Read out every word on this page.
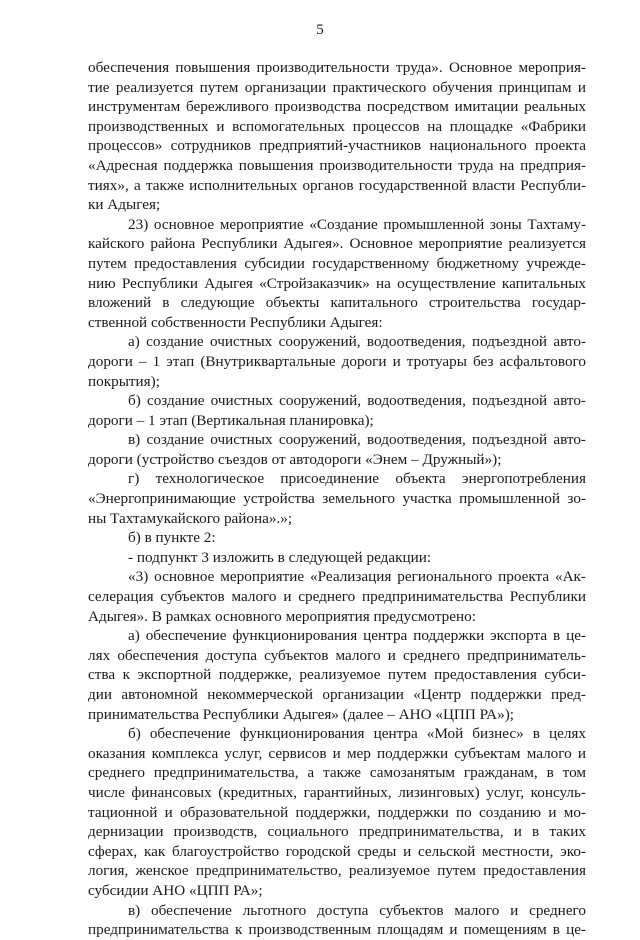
5
обеспечения повышения производительности труда». Основное мероприя-
тие реализуется путем организации практического обучения принципам и
инструментам бережливого производства посредством имитации реальных
производственных и вспомогательных процессов на площадке «Фабрики
процессов» сотрудников предприятий-участников национального проекта
«Адресная поддержка повышения производительности труда на предприя-
тиях», а также исполнительных органов государственной власти Республи-
ки Адыгея;
23) основное мероприятие «Создание промышленной зоны Тахтаму-
кайского района Республики Адыгея». Основное мероприятие реализуется
путем предоставления субсидии государственному бюджетному учрежде-
нию Республики Адыгея «Стройзаказчик» на осуществление капитальных
вложений в следующие объекты капитального строительства государ-
ственной собственности Республики Адыгея:
а) создание очистных сооружений, водоотведения, подъездной авто-
дороги – 1 этап (Внутриквартальные дороги и тротуары без асфальтового
покрытия);
б) создание очистных сооружений, водоотведения, подъездной авто-
дороги – 1 этап (Вертикальная планировка);
в) создание очистных сооружений, водоотведения, подъездной авто-
дороги (устройство съездов от автодороги «Энем – Дружный»);
г) технологическое присоединение объекта энергопотребления
«Энергопринимающие устройства земельного участка промышленной зо-
ны Тахтамукайского района».»;
б) в пункте 2:
- подпункт 3 изложить в следующей редакции:
«3) основное мероприятие «Реализация регионального проекта «Ак-
селерация субъектов малого и среднего предпринимательства Республики
Адыгея». В рамках основного мероприятия предусмотрено:
а) обеспечение функционирования центра поддержки экспорта в це-
лях обеспечения доступа субъектов малого и среднего предприниматель-
ства к экспортной поддержке, реализуемое путем предоставления субси-
дии автономной некоммерческой организации «Центр поддержки пред-
принимательства Республики Адыгея» (далее – АНО «ЦПП РА»);
б) обеспечение функционирования центра «Мой бизнес» в целях
оказания комплекса услуг, сервисов и мер поддержки субъектам малого и
среднего предпринимательства, а также самозанятым гражданам, в том
числе финансовых (кредитных, гарантийных, лизинговых) услуг, консуль-
тационной и образовательной поддержки, поддержки по созданию и мо-
дернизации производств, социального предпринимательства, и в таких
сферах, как благоустройство городской среды и сельской местности, эко-
логия, женское предпринимательство, реализуемое путем предоставления
субсидии АНО «ЦПП РА»;
в) обеспечение льготного доступа субъектов малого и среднего
предпринимательства к производственным площадям и помещениям в це-
